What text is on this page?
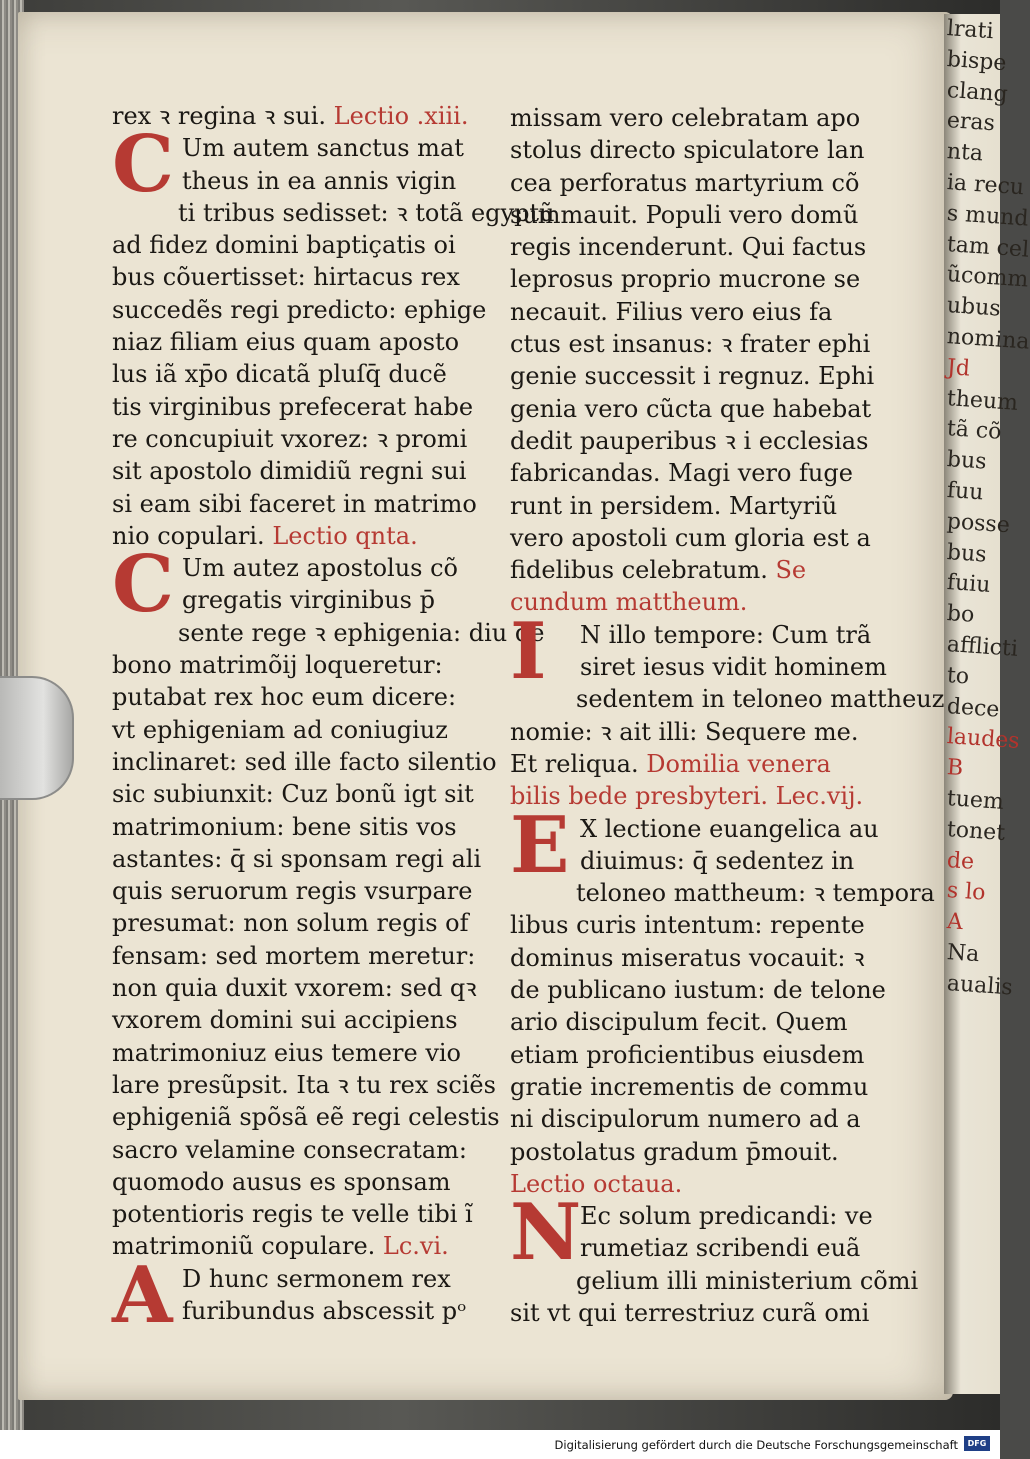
lrati
bispe
clang
eras
nta
ia recu
s mund
tam cel
ũcomm
ubus
nomina
Jd
theum
tã cõ
bus
fuu
posse
bus
fuiu
bo
afflicti
to
dece
laudes
B
tuem
tonet
de
s lo
A
Na
aualis
rex ꝛ regina ꝛ sui. Lectio .xiii.
C Um autem sanctus mat
theus in ea annis vigin
ti tribus sedisset: ꝛ totã egyptũ
ad fidez domini baptiçatis oi
bus cõuertisset: hirtacus rex
succedẽs regi predicto: ephige
niaz filiam eius quam aposto
lus iã xp̄o dicatã pluſq̄ ducẽ
tis virginibus prefecerat habe
re concupiuit vxorez: ꝛ promi
sit apostolo dimidiũ regni sui
si eam sibi faceret in matrimo
nio copulari. Lectio qnta.
C Um autez apostolus cõ
gregatis virginibus p̄
sente rege ꝛ ephigenia: diu de
bono matrimõij loqueretur:
putabat rex hoc eum dicere:
vt ephigeniam ad coniugiuz
inclinaret: sed ille facto silentio
sic subiunxit: Cuz bonũ igt sit
matrimonium: bene sitis vos
astantes: q̄ si sponsam regi ali
quis seruorum regis vsurpare
presumat: non solum regis of
fensam: sed mortem meretur:
non quia duxit vxorem: sed qꝛ
vxorem domini sui accipiens
matrimoniuz eius temere vio
lare presũpsit. Ita ꝛ tu rex sciẽs
ephigeniã spõsã eẽ regi celestis
sacro velamine consecratam:
quomodo ausus es sponsam
potentioris regis te velle tibi ĩ
matrimoniũ copulare. Lc.vi.
A D hunc sermonem rex
furibundus abscessit pᵒ
missam vero celebratam apo
stolus directo spiculatore lan
cea perforatus martyrium cõ
summauit. Populi vero domũ
regis incenderunt. Qui factus
leprosus proprio mucrone se
necauit. Filius vero eius fa
ctus est insanus: ꝛ frater ephi
genie successit i regnuz. Ephi
genia vero cũcta que habebat
dedit pauperibus ꝛ i ecclesias
fabricandas. Magi vero fuge
runt in persidem. Martyriũ
vero apostoli cum gloria est a
fidelibus celebratum. Se
cundum mattheum.
I	N illo tempore: Cum trã
siret iesus vidit hominem
sedentem in teloneo mattheuz
nomie: ꝛ ait illi: Sequere me.
Et reliqua. Domilia venera
bilis bede presbyteri. Lec.vij.
E X lectione euangelica au
diuimus: q̄ sedentez in
teloneo mattheum: ꝛ tempora
libus curis intentum: repente
dominus miseratus vocauit: ꝛ
de publicano iustum: de telone
ario discipulum fecit. Quem
etiam proficientibus eiusdem
gratie incrementis de commu
ni discipulorum numero ad a
postolatus gradum p̄mouit.
Lectio octaua.
N
Ec solum predicandi: ve
rumetiaz scribendi euã
gelium illi ministerium cõmi
sit vt qui terrestriuz curã omi
Digitalisierung gefördert durch die Deutsche Forschungsgemeinschaft	DFG
